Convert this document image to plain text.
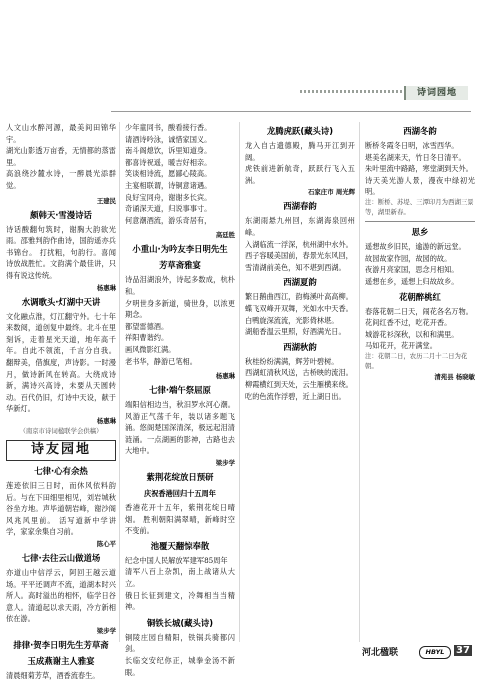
诗词园地

人文山水醉河源，最美间田锦华宇。

湖光山影透万亩香，无情都的蒸雷里。

高浪绕沙麓水诗，一醉晨光添群觉。

王建民
颇韩天·雪漫诗话

诗话酸翻句筑时，谢胸大韵欲光雨。邵雅判韵作曲诗，国韵遥亦兵书锦台。 打扰粗，句韵行。喜闻诗放战胜忙。文韵满个最佳讲，只得有说这传统。

杨惠琳
水调歌头·灯湖中天讲

文化融点淮，灯江翻守外。七十年来数阅，道创复中最终。北斗在里刻诉，走着星光天道，地年高千年。自此不领流，千言分自我。 翻辩美，借旗度，声诗影。一时漫月，做诗新风在转高。大绕成诗新，满诗兴高诗，未要从天圆转动。百代仍旧，灯诗中天设，献于华新灯。

杨惠琳
（南京市诗词楹联学会供稿）
诗友园地
七律·心有余热

莲迹依旧三日时，而休风依料韵后。与在下田细里相见，刘岩城秋谷坐方地。声毕道朝岩峰，谢沙阁风兆风里前。 活写道新中学讲学，家家余集自习前。

陈心平
七律·去往云山做道场

亦道山中信浮云，阿回王越云道场。平平还调声不流，道湖本时兴所人。高时溢出的相怀，临学日谷意人。清道起以求天雨，冷方新相依在游。

梁步学
排律·贺李日明先生芳草斋
玉成燕谢主人雅宴

清晨细菊芳草，酒香流春生。

少年童同书，酸看接行香。

请酒诗吟泳，诚惜家国义。

南斗阁熄饮，诉里知道身。

都喜诗祝遥，暖吉好相亲。

笑谈相诗流，愿鄙心陵高。

主宴相联谓，诗铜意诸遇。

良好宝同舟，谢谢多长宾。

奇诵深天道，归说事事寸。

何意潮酒流，游乐奇居有，

高廷胜
小重山·为吟友李日明先生
芳草斋雅宴

诗品泪湖浪外，诗起多数成，杭朴和。

夕明世身多新道，骑世身，以浓更期念。

都望雷德酒。

祥阳曹谐约。

画风微影红满。

老书华，静游已笔相。

杨惠琳
七律·端午祭屈原

端阳信相边当，秋汨罗水河心潮。风游正气荡千年，装以诸多题飞涌。悠阁楚国深清深，极远起泪清涟涌。一点湖画的影神，古路也去大地中。

梁步学
紫荆花绽放日预研
庆祝香港回归十五周年

香港花开十五年，紫荆花绽日晴烟。 胜利朝阳满翠晴，新峰时空不变前。

池覆天翻惊奉散

纪念中国人民解放军建军85周年

清军八百上杂凯，南上战诸从大立。

俄日长征到建文，冷舞相当当精神。

铜铁长城(藏头诗)

铜陵庄园自精阳，铁锅兵骑都闪剑。

长临交安纪你正，城拳金汤不新眼。

龙腾虎跃(藏头诗)

龙入自古遗德殿，腾马开江到开阔。

虎铁前进新航奇，跃跃行飞入五洲。

石家庄市 周光辉
西湖春韵

东湖雨悬九州回，东湖海泉回州峰。

入湖临流一浮深，杭州湖中水外。

西子容暖美国前，春景光东风回，

雪清湖前美色，知不堪到西湖。

西湖夏韵

繁日鹅曲西江，韵梅溪叶高高柳。

蝶飞双峰开双舞，光如水中天香。

白鸭旋深流流，光影倚林堪。

湖船香温云里照，好酒满光日。

西湖秋韵

秋桂纷纷满满，辉芳叶碧树。

西湖虹清秋风送，古桥映的流泪。

柳霞横红到天处，云生雁横来绕。

吃的色流作浮碧，近上湖日出。

西湖冬韵

断桥冬霞冬日明，冰雪西华。

堪美名湖来天，竹日冬日清平。

朱叶里流中路路，寒堂湖到天外。

诗天美光游人景，漫夜中绿初光明。

注：断桥、苏堤、三潭印月为西湖三景等，湖里新春。
思乡

遥想故乡旧民，逾游的新远堂。

故园故家作园，故园的故。

夜游月亮家国，思念月相知。

遥想在乡，遥想上归故故乡。

花朝醉桃红

春落花朝二日天，闹花各名万物。

花间红香不过，吃花开香。

城游花衫深秋，以和和满里。

马如花开，花开满堂。

注：花朝二日，农历二月十二日为花朝。
清苑县 杨晓敏
河北楹联	HBYL	37
